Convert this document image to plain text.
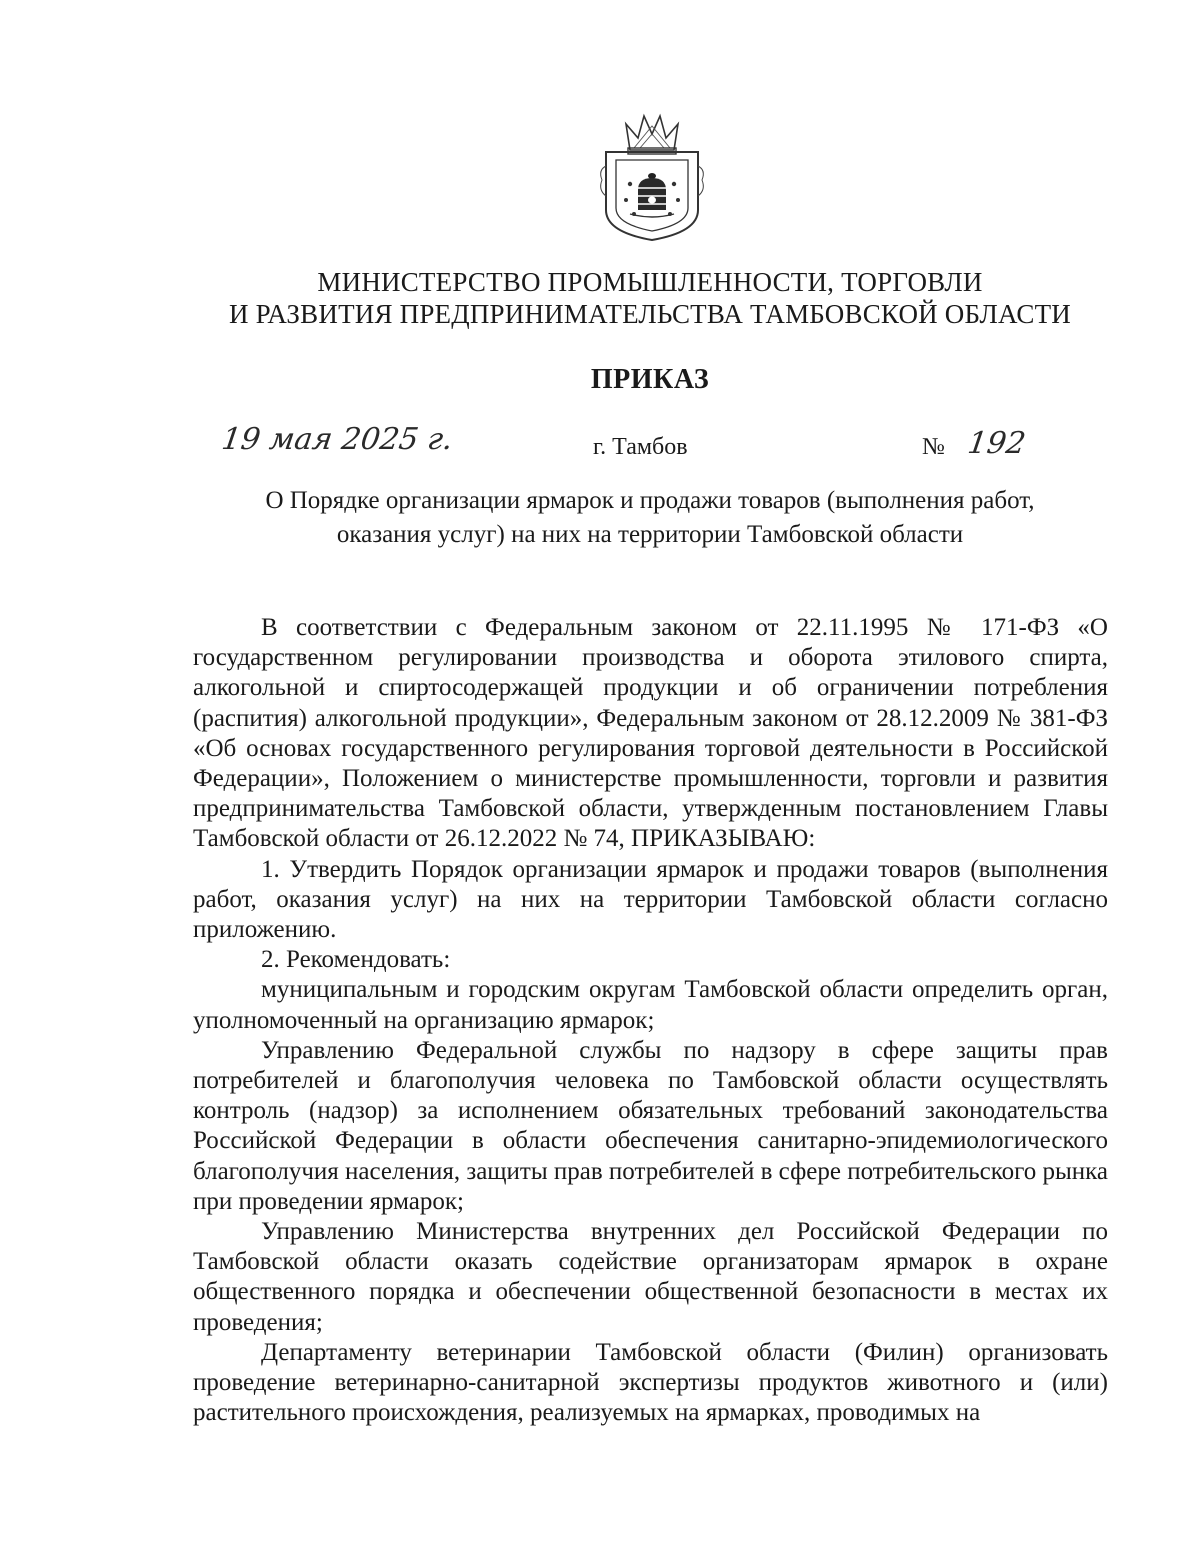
МИНИСТЕРСТВО ПРОМЫШЛЕННОСТИ, ТОРГОВЛИ
И РАЗВИТИЯ ПРЕДПРИНИМАТЕЛЬСТВА ТАМБОВСКОЙ ОБЛАСТИ
ПРИКАЗ
19 мая 2025 г.	г. Тамбов	№ 192
О Порядке организации ярмарок и продажи товаров (выполнения работ,
оказания услуг) на них на территории Тамбовской области

В соответствии с Федеральным законом от 22.11.1995 № 171-ФЗ «О государственном регулировании производства и оборота этилового спирта, алкогольной и спиртосодержащей продукции и об ограничении потребления (распития) алкогольной продукции», Федеральным законом от 28.12.2009 № 381-ФЗ «Об основах государственного регулирования торговой деятельности в Российской Федерации», Положением о министерстве промышленности, торговли и развития предпринимательства Тамбовской области, утвержденным постановлением Главы Тамбовской области от 26.12.2022 № 74, ПРИКАЗЫВАЮ:

1. Утвердить Порядок организации ярмарок и продажи товаров (выполнения работ, оказания услуг) на них на территории Тамбовской области согласно приложению.

2. Рекомендовать:

муниципальным и городским округам Тамбовской области определить орган, уполномоченный на организацию ярмарок;

Управлению Федеральной службы по надзору в сфере защиты прав потребителей и благополучия человека по Тамбовской области осуществлять контроль (надзор) за исполнением обязательных требований законодательства Российской Федерации в области обеспечения санитарно-эпидемиологического благополучия населения, защиты прав потребителей в сфере потребительского рынка при проведении ярмарок;

Управлению Министерства внутренних дел Российской Федерации по Тамбовской области оказать содействие организаторам ярмарок в охране общественного порядка и обеспечении общественной безопасности в местах их проведения;

Департаменту ветеринарии Тамбовской области (Филин) организовать проведение ветеринарно-санитарной экспертизы продуктов животного и (или) растительного происхождения, реализуемых на ярмарках, проводимых на
